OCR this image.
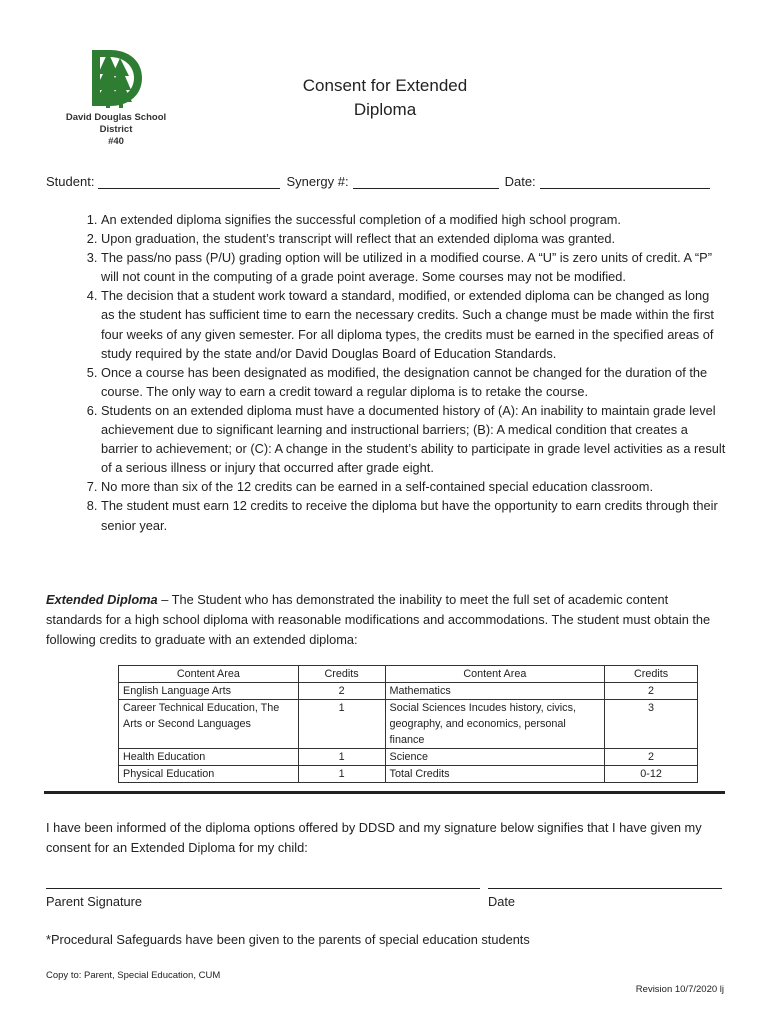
David Douglas School District
#40
Consent for Extended
Diploma
Student:	Synergy #:	Date:
1. An extended diploma signifies the successful completion of a modified high school program.
2. Upon graduation, the student’s transcript will reflect that an extended diploma was granted.
3. The pass/no pass (P/U) grading option will be utilized in a modified course. A “U” is zero units of credit. A “P” will not count in the computing of a grade point average. Some courses may not be modified.
4. The decision that a student work toward a standard, modified, or extended diploma can be changed as long as the student has sufficient time to earn the necessary credits. Such a change must be made within the first four weeks of any given semester. For all diploma types, the credits must be earned in the specified areas of study required by the state and/or David Douglas Board of Education Standards.
5. Once a course has been designated as modified, the designation cannot be changed for the duration of the course. The only way to earn a credit toward a regular diploma is to retake the course.
6. Students on an extended diploma must have a documented history of (A): An inability to maintain grade level achievement due to significant learning and instructional barriers; (B): A medical condition that creates a barrier to achievement; or (C): A change in the student’s ability to participate in grade level activities as a result of a serious illness or injury that occurred after grade eight.
7. No more than six of the 12 credits can be earned in a self-contained special education classroom.
8. The student must earn 12 credits to receive the diploma but have the opportunity to earn credits through their senior year.
Extended Diploma – The Student who has demonstrated the inability to meet the full set of academic content standards for a high school diploma with reasonable modifications and accommodations. The student must obtain the following credits to graduate with an extended diploma:
Content Area	Credits	Content Area	Credits
English Language Arts	2	Mathematics	2
Career Technical Education, The Arts or Second Languages	1	Social Sciences Incudes history, civics, geography, and economics, personal finance	3
Health Education	1	Science	2
Physical Education	1	Total Credits	0-12
I have been informed of the diploma options offered by DDSD and my signature below signifies that I have given my consent for an Extended Diploma for my child:
Parent Signature	Date
*Procedural Safeguards have been given to the parents of special education students
Copy to: Parent, Special Education, CUM
Revision 10/7/2020 lj
